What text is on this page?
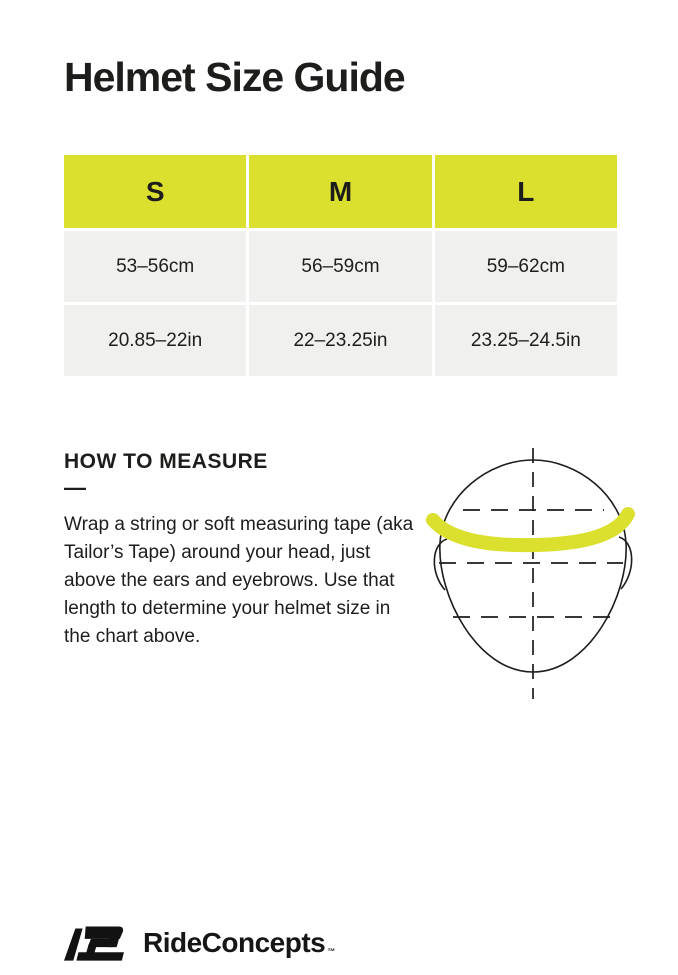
Helmet Size Guide
S	M	L
53–56cm	56–59cm	59–62cm
20.85–22in	22–23.25in	23.25–24.5in
HOW TO MEASURE
—

Wrap a string or soft measuring tape (aka Tailor’s Tape) around your head, just above the ears and eyebrows. Use that length to determine your helmet size in the chart above.

RideConcepts ™
